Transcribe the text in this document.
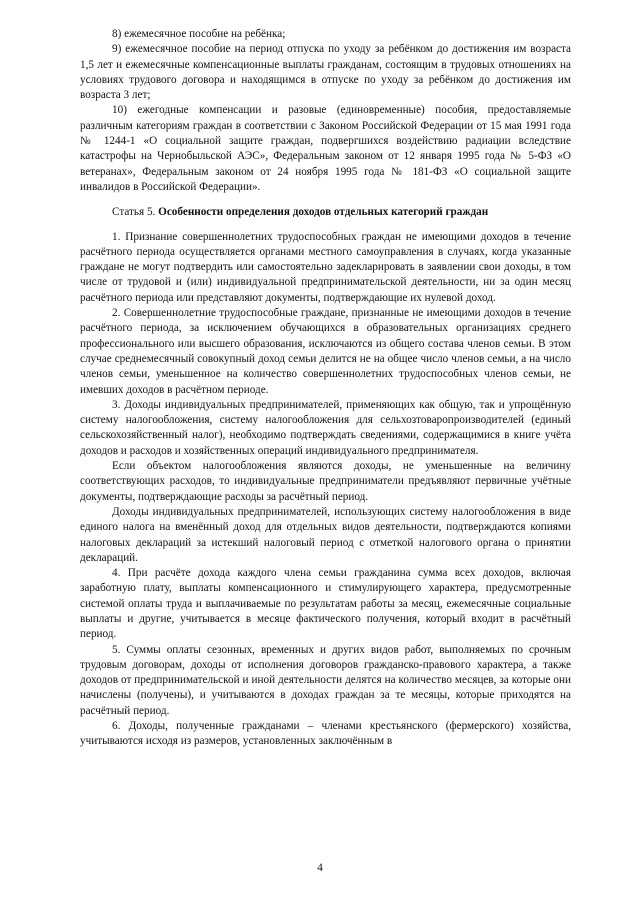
8) ежемесячное пособие на ребёнка;

9) ежемесячное пособие на период отпуска по уходу за ребёнком до достижения им возраста 1,5 лет и ежемесячные компенсационные выплаты гражданам, состоящим в трудовых отношениях на условиях трудового договора и находящимся в отпуске по уходу за ребёнком до достижения им возраста 3 лет;

10) ежегодные компенсации и разовые (единовременные) пособия, предоставляемые различным категориям граждан в соответствии с Законом Российской Федерации от 15 мая 1991 года № 1244-1 «О социальной защите граждан, подвергшихся воздействию радиации вследствие катастрофы на Чернобыльской АЭС», Федеральным законом от 12 января 1995 года № 5-ФЗ «О ветеранах», Федеральным законом от 24 ноября 1995 года № 181-ФЗ «О социальной защите инвалидов в Российской Федерации».

Статья 5. Особенности определения доходов отдельных категорий граждан

1. Признание совершеннолетних трудоспособных граждан не имеющими доходов в течение расчётного периода осуществляется органами местного самоуправления в случаях, когда указанные граждане не могут подтвердить или самостоятельно задекларировать в заявлении свои доходы, в том числе от трудовой и (или) индивидуальной предпринимательской деятельности, ни за один месяц расчётного периода или представляют документы, подтверждающие их нулевой доход.

2. Совершеннолетние трудоспособные граждане, признанные не имеющими доходов в течение расчётного периода, за исключением обучающихся в образовательных организациях среднего профессионального или высшего образования, исключаются из общего состава членов семьи. В этом случае среднемесячный совокупный доход семьи делится не на общее число членов семьи, а на число членов семьи, уменьшенное на количество совершеннолетних трудоспособных членов семьи, не имевших доходов в расчётном периоде.

3. Доходы индивидуальных предпринимателей, применяющих как общую, так и упрощённую систему налогообложения, систему налогообложения для сельхозтоваропроизводителей (единый сельскохозяйственный налог), необходимо подтверждать сведениями, содержащимися в книге учёта доходов и расходов и хозяйственных операций индивидуального предпринимателя.

Если объектом налогообложения являются доходы, не уменьшенные на величину соответствующих расходов, то индивидуальные предприниматели предъявляют первичные учётные документы, подтверждающие расходы за расчётный период.

Доходы индивидуальных предпринимателей, использующих систему налогообложения в виде единого налога на вменённый доход для отдельных видов деятельности, подтверждаются копиями налоговых деклараций за истекший налоговый период с отметкой налогового органа о принятии деклараций.

4. При расчёте дохода каждого члена семьи гражданина сумма всех доходов, включая заработную плату, выплаты компенсационного и стимулирующего характера, предусмотренные системой оплаты труда и выплачиваемые по результатам работы за месяц, ежемесячные социальные выплаты и другие, учитывается в месяце фактического получения, который входит в расчётный период.

5. Суммы оплаты сезонных, временных и других видов работ, выполняемых по срочным трудовым договорам, доходы от исполнения договоров гражданско-правового характера, а также доходов от предпринимательской и иной деятельности делятся на количество месяцев, за которые они начислены (получены), и учитываются в доходах граждан за те месяцы, которые приходятся на расчётный период.

6. Доходы, полученные гражданами – членами крестьянского (фермерского) хозяйства, учитываются исходя из размеров, установленных заключённым в

4
